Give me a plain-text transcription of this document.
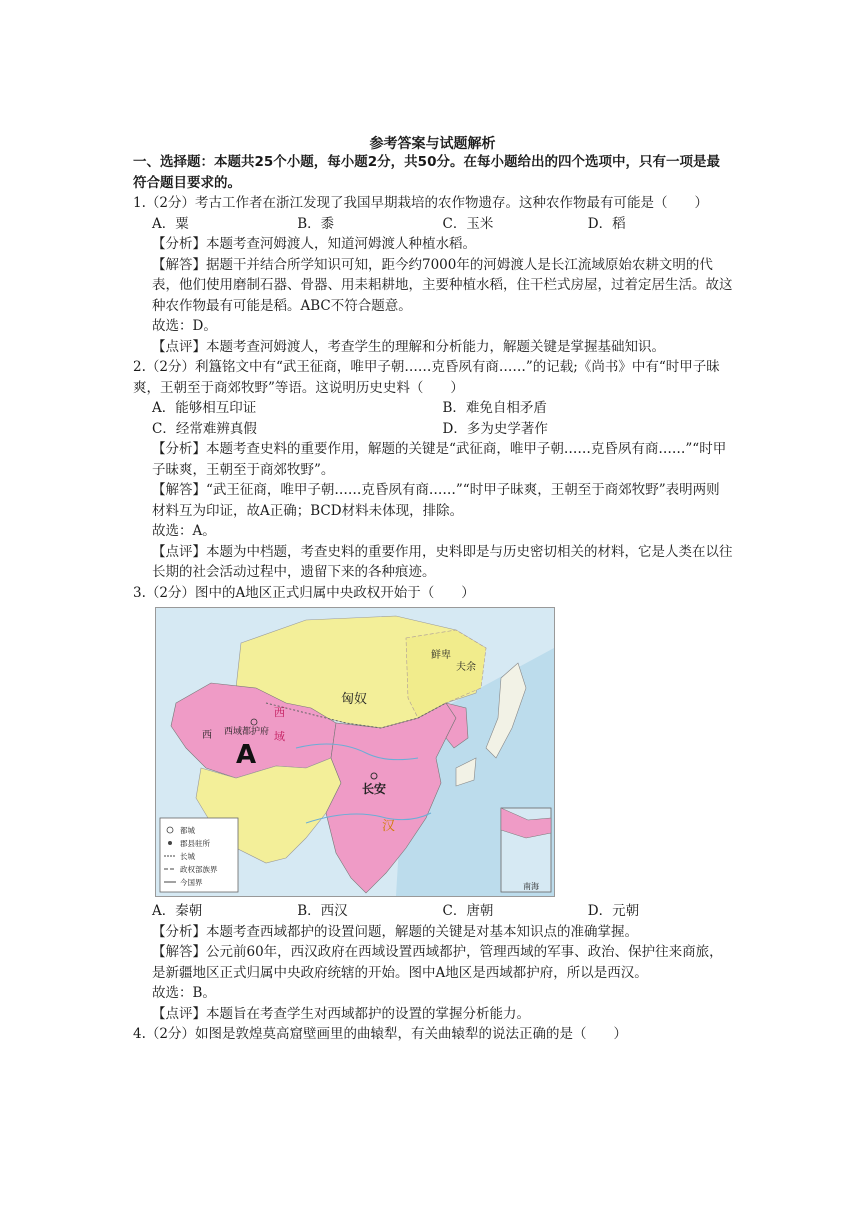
参考答案与试题解析
一、选择题：本题共25个小题，每小题2分，共50分。在每小题给出的四个选项中，只有一项是最符合题目要求的。
1.（2分）考古工作者在浙江发现了我国早期栽培的农作物遗存。这种农作物最有可能是（　　）
A．粟	B．黍	C．玉米	D．稻
【分析】本题考查河姆渡人，知道河姆渡人种植水稻。
【解答】据题干并结合所学知识可知，距今约7000年的河姆渡人是长江流域原始农耕文明的代表，他们使用磨制石器、骨器、用耒耜耕地，主要种植水稻，住干栏式房屋，过着定居生活。故这种农作物最有可能是稻。ABC不符合题意。
故选：D。
【点评】本题考查河姆渡人，考查学生的理解和分析能力，解题关键是掌握基础知识。
2.（2分）利簋铭文中有“武王征商，唯甲子朝……克昏夙有商……”的记载;《尚书》中有“时甲子昧爽，王朝至于商郊牧野”等语。这说明历史史料（　　）
A．能够相互印证	B．难免自相矛盾
C．经常难辨真假	D．多为史学著作
【分析】本题考查史料的重要作用，解题的关键是“武征商，唯甲子朝……克昏夙有商……”“时甲子昧爽，王朝至于商郊牧野”。
【解答】“武王征商，唯甲子朝……克昏夙有商……”“时甲子昧爽，王朝至于商郊牧野”表明两则材料互为印证，故A正确；BCD材料未体现，排除。
故选：A。
【点评】本题为中档题，考查史料的重要作用，史料即是与历史密切相关的材料，它是人类在以往长期的社会活动过程中，遗留下来的各种痕迹。
3.（2分）图中的A地区正式归属中央政权开始于（　　）
都城
郡县驻所
长城
政权部族界
今国界
匈奴
鲜卑
夫余
西域都护府
西
西
域
A
长安
汉
南海
A．秦朝	B．西汉	C．唐朝	D．元朝
【分析】本题考查西域都护的设置问题，解题的关键是对基本知识点的准确掌握。
【解答】公元前60年，西汉政府在西域设置西域都护，管理西域的军事、政治、保护往来商旅，是新疆地区正式归属中央政府统辖的开始。图中A地区是西域都护府，所以是西汉。
故选：B。
【点评】本题旨在考查学生对西域都护的设置的掌握分析能力。
4.（2分）如图是敦煌莫高窟壁画里的曲辕犁，有关曲辕犁的说法正确的是（　　）
